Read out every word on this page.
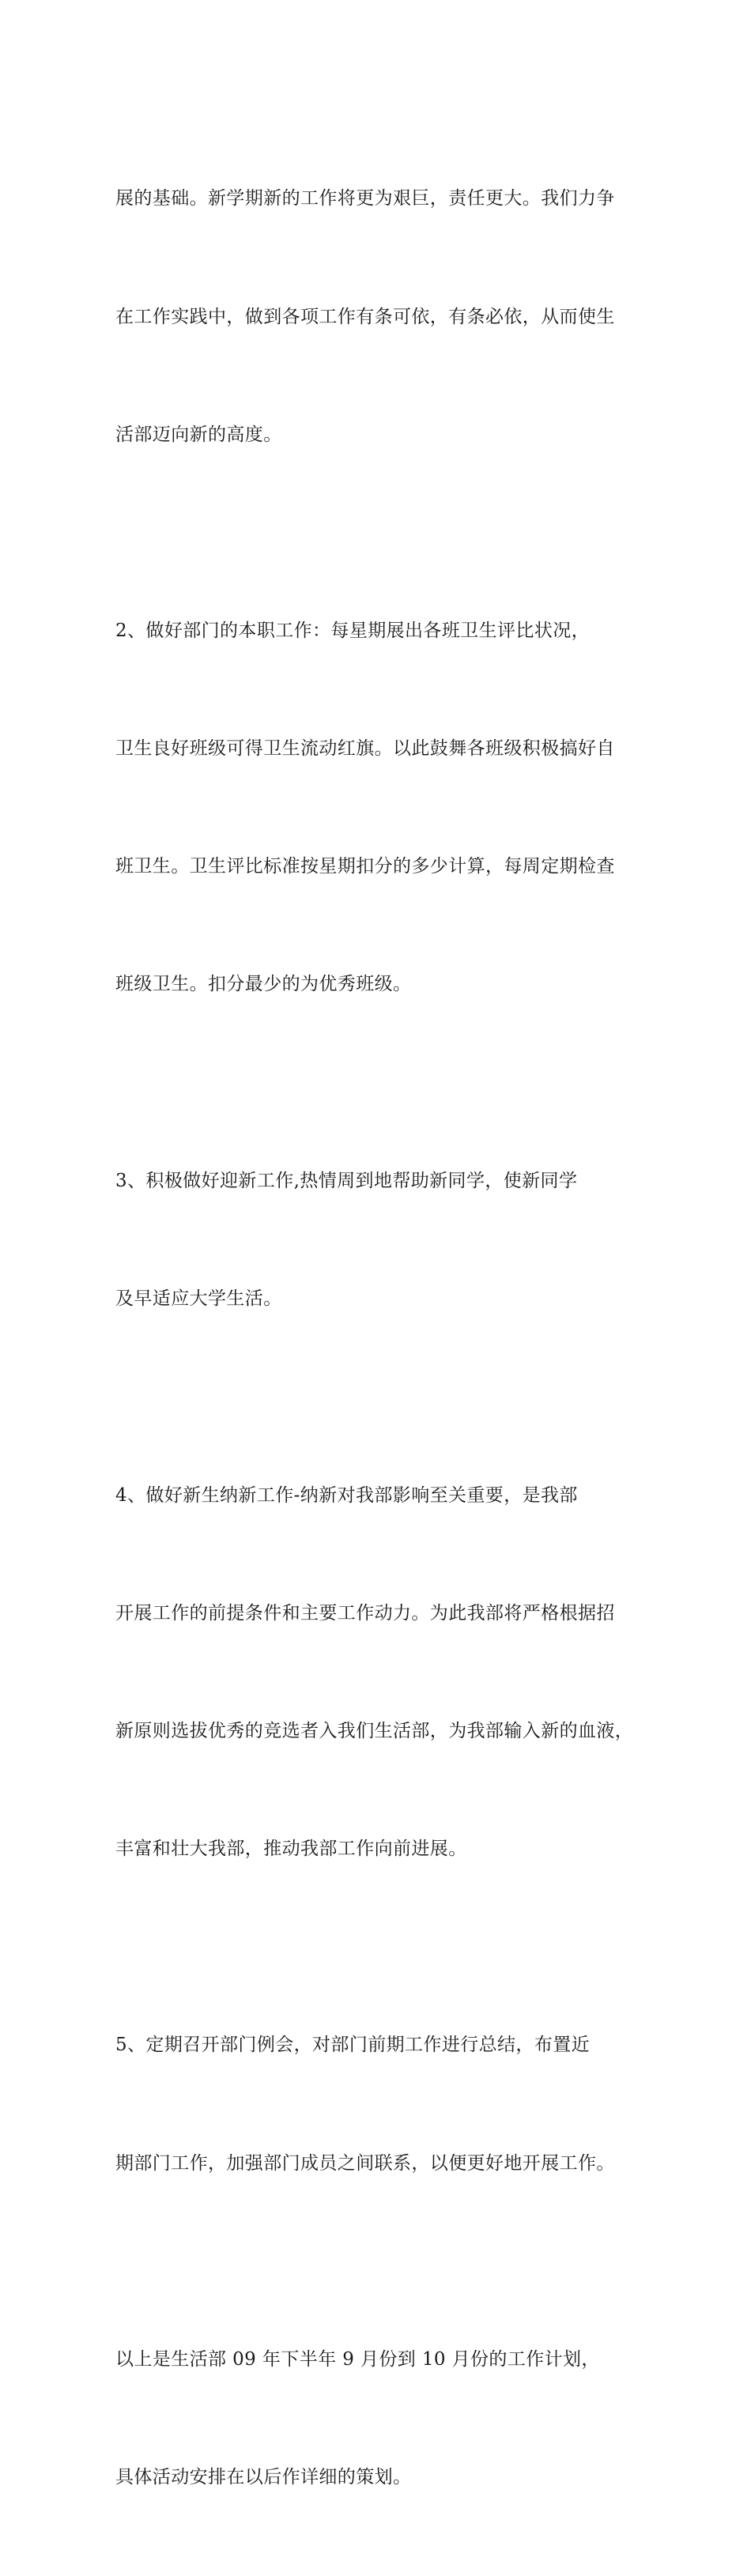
展的基础。新学期新的工作将更为艰巨，责任更大。我们力争

在工作实践中，做到各项工作有条可依，有条必依，从而使生

活部迈向新的高度。

2、做好部门的本职工作：每星期展出各班卫生评比状况，

卫生良好班级可得卫生流动红旗。以此鼓舞各班级积极搞好自

班卫生。卫生评比标准按星期扣分的多少计算，每周定期检查

班级卫生。扣分最少的为优秀班级。

3、积极做好迎新工作,热情周到地帮助新同学，使新同学

及早适应大学生活。

4、做好新生纳新工作-纳新对我部影响至关重要，是我部

开展工作的前提条件和主要工作动力。为此我部将严格根据招

新原则选拔优秀的竞选者入我们生活部，为我部输入新的血液，

丰富和壮大我部，推动我部工作向前进展。

5、定期召开部门例会，对部门前期工作进行总结，布置近

期部门工作，加强部门成员之间联系，以便更好地开展工作。

以上是生活部 09 年下半年 9 月份到 10 月份的工作计划，

具体活动安排在以后作详细的策划。
